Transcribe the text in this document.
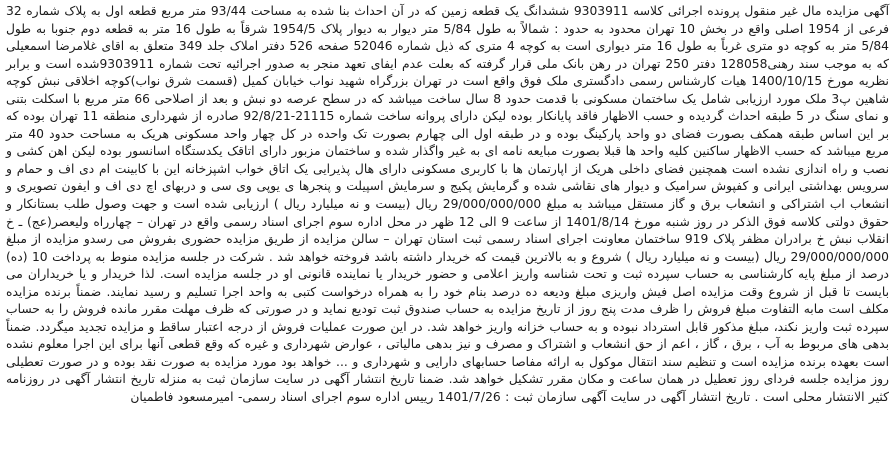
آگهی مزایده مال غیر منقول پرونده اجرائی کلاسه 9303911 ششدانگ یک قطعه زمین که در آن احداث بنا شده به مساحت 93/44 متر مربع قطعه اول به پلاک شماره 32 فرعی از 1954 اصلی واقع در بخش 10 تهران محدود به حدود : شمالاً به طول 5/84 متر دیوار به دیوار پلاک 1954/5 شرقاً به طول 16 متر به قطعه دوم جنوبا به طول 5/84 متر به کوچه دو متری غرباً به طول 16 متر دیواری است به کوچه 4 متری که ذیل شماره 52046 صفحه 526 دفتر املاک جلد 349 متعلق به اقای غلامرضا اسمعیلی که به موجب سند رهنی128058 دفتر 250 تهران در رهن بانک ملی قرار گرفته که بعلت عدم ایفای تعهد منجر به صدور اجرائیه تحت شماره 9303911شده است و برابر نظریه مورخ 1400/10/15 هیات کارشناس رسمی دادگستری ملک فوق واقع است در تهران بزرگراه شهید نواب خیابان کمیل (قسمت شرق نواب)کوچه اخلاقی نبش کوچه شاهین پ3 ملک مورد ارزیابی شامل یک ساختمان مسکونی با قدمت حدود 8 سال ساخت میباشد که در سطح عرصه دو نبش و بعد از اصلاحی 66 متر مربع با اسکلت بتنی و نمای سنگ در 5 طبقه احداث گردیده و حسب الاظهار فاقد پایانکار بوده لیکن دارای پروانه ساخت شماره 21115-92/8/21 صادره از شهرداری منطقه 11 تهران بوده که بر این اساس طبقه همکف بصورت فضای دو واحد پارکینگ بوده و در طبقه اول الی چهارم بصورت تک واحده در کل چهار واحد مسکونی هریک به مساحت حدود 40 متر مربع میباشد که حسب الاظهار ساکنین کلیه واحد ها قبلا بصورت مبایعه نامه ای به غیر واگذار شده و ساختمان مزبور دارای اتاقک یکدستگاه اسانسور بوده لیکن اهن کشی و نصب و راه اندازی نشده است همچنین فضای داخلی هریک از اپارتمان ها با کاربری مسکونی دارای هال پذیرایی یک اتاق خواب اشپزخانه این با کابینت ام دی اف و حمام و سرویس بهداشتی ایرانی و کفپوش سرامیک و دیوار های نقاشی شده و گرمایش پکیج و سرمایش اسپیلت و پنجرها ی یوپی وی سی و دربهای اچ دی اف و ایفون تصویری و انشعاب اب اشتراکی و انشعاب برق و گاز مستقل میباشد به مبلغ 29/000/000/000 ریال (بیست و نه میلیارد ریال ) ارزیابی شده است و جهت وصول طلب بستانکار و حقوق دولتی کلاسه فوق الذکر در روز شنبه مورخ 1401/8/14 از ساعت 9 الی 12 ظهر در محل اداره سوم اجرای اسناد رسمی واقع در تهران – چهارراه ولیعصر(عج) ـ خ انقلاب نبش خ برادران مظفر پلاک 919 ساختمان معاونت اجرای اسناد رسمی ثبت استان تهران – سالن مزایده از طریق مزایده حضوری بفروش می رسدو مزایده از مبلغ 29/000/000/000 ریال (بیست و نه میلیارد ریال ) شروع و به بالاترین قیمت که خریدار داشته باشد فروخته خواهد شد . شرکت در جلسه مزایده منوط به پرداخت 10 (ده) درصد از مبلغ پایه کارشناسی به حساب سپرده ثبت و تحت شناسه واریز اعلامی و حضور خریدار یا نماینده قانونی او در جلسه مزایده است. لذا خریدار و یا خریداران می بایست تا قبل از شروع وقت مزایده اصل فیش واریزی مبلغ ودیعه ده درصد بنام خود را به همراه درخواست کتبی به واحد اجرا تسلیم و رسید نمایند. ضمناً برنده مزایده مکلف است مابه التفاوت مبلغ فروش را ظرف مدت پنج روز از تاریخ مزایده به حساب صندوق ثبت تودیع نماید و در صورتی که ظرف مهلت مقرر مانده فروش را به حساب سپرده ثبت واریز نکند، مبلغ مذکور قابل استرداد نبوده و به حساب خزانه واریز خواهد شد. در این صورت عملیات فروش از درجه اعتبار ساقط و مزایده تجدید میگردد. ضمناً بدهی های مربوط به آب ، برق ، گاز ، اعم از حق انشعاب و اشتراک و مصرف و نیز بدهی مالیاتی ، عوارض شهرداری و غیره که وقع قطعی آنها برای این اجرا معلوم نشده است بعهده برنده مزایده است و تنظیم سند انتقال موکول به ارائه مفاصا حسابهای دارایی و شهرداری و ... خواهد بود مورد مزایده به صورت نقد بوده و در صورت تعطیلی روز مزایده جلسه فردای روز تعطیل در همان ساعت و مکان مقرر تشکیل خواهد شد. ضمنا تاریخ انتشار آگهی در سایت سازمان ثبت به منزله تاریخ انتشار آگهی در روزنامه کثیر الانتشار محلی است . تاریخ انتشار آگهی در سایت آگهی سازمان ثبت : 1401/7/26 رییس اداره سوم اجرای اسناد رسمی- امیرمسعود فاطمیان
